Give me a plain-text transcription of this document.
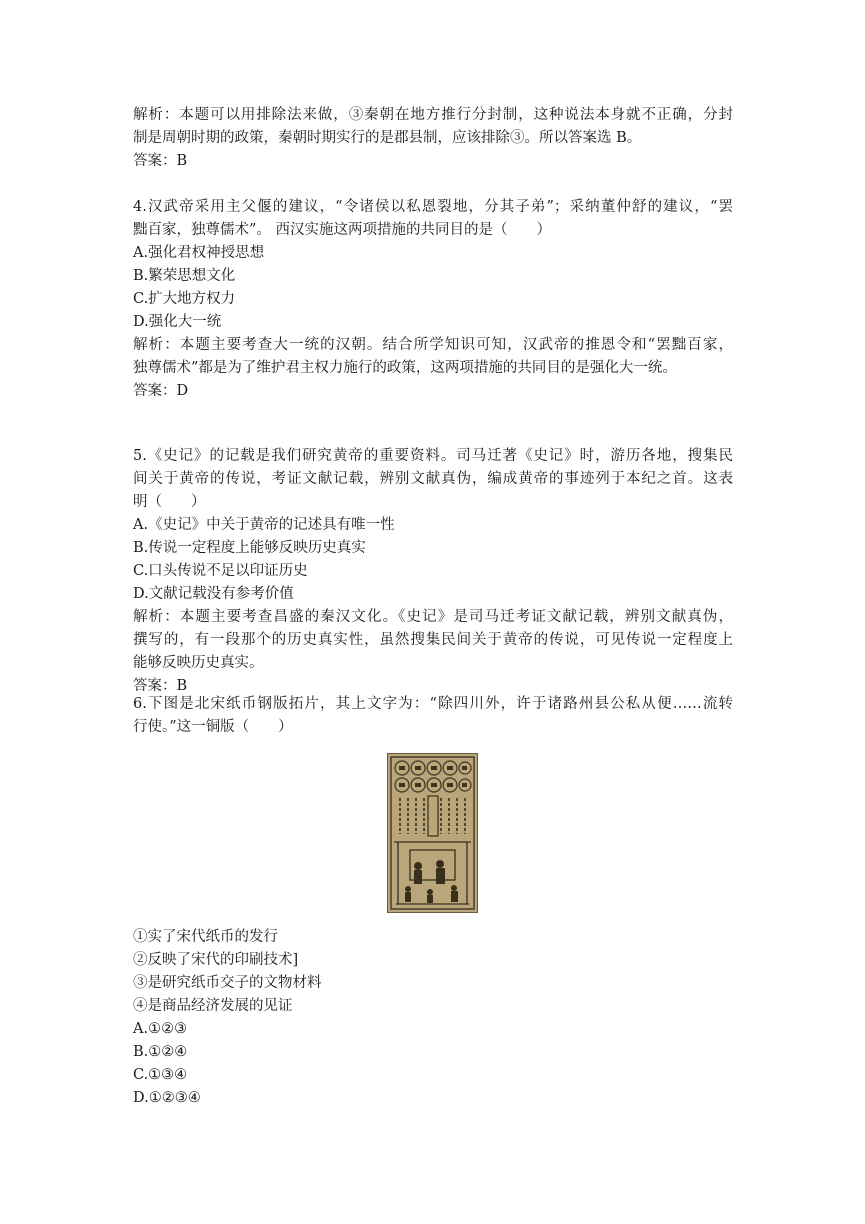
解析：本题可以用排除法来做，③秦朝在地方推行分封制，这种说法本身就不正确，分封
制是周朝时期的政策，秦朝时期实行的是郡县制，应该排除③。所以答案选 B。
答案：B
4.汉武帝采用主父偃的建议，“令诸侯以私恩裂地，分其子弟”；采纳董仲舒的建议，“罢
黜百家，独尊儒术”。 西汉实施这两项措施的共同目的是（　　）
A.强化君权神授思想
B.繁荣思想文化
C.扩大地方权力
D.强化大一统
解析：本题主要考查大一统的汉朝。结合所学知识可知，汉武帝的推恩令和“罢黜百家，
独尊儒术”都是为了维护君主权力施行的政策，这两项措施的共同目的是强化大一统。
答案：D
5.《史记》的记载是我们研究黄帝的重要资料。司马迁著《史记》时，游历各地，搜集民
间关于黄帝的传说，考证文献记载，辨别文献真伪，编成黄帝的事迹列于本纪之首。这表
明（　　）
A.《史记》中关于黄帝的记述具有唯一性
B.传说一定程度上能够反映历史真实
C.口头传说不足以印证历史
D.文献记载没有参考价值
解析：本题主要考查昌盛的秦汉文化。《史记》是司马迁考证文献记载，辨别文献真伪，
撰写的，有一段那个的历史真实性，虽然搜集民间关于黄帝的传说，可见传说一定程度上
能够反映历史真实。
答案：B
6.下图是北宋纸币钢版拓片，其上文字为：“除四川外，许于诸路州县公私从便……流转
行使。”这一铜版（　　）
①实了宋代纸币的发行
②反映了宋代的印刷技术]
③是研究纸币交子的文物材料
④是商品经济发展的见证
A.①②③
B.①②④
C.①③④
D.①②③④
